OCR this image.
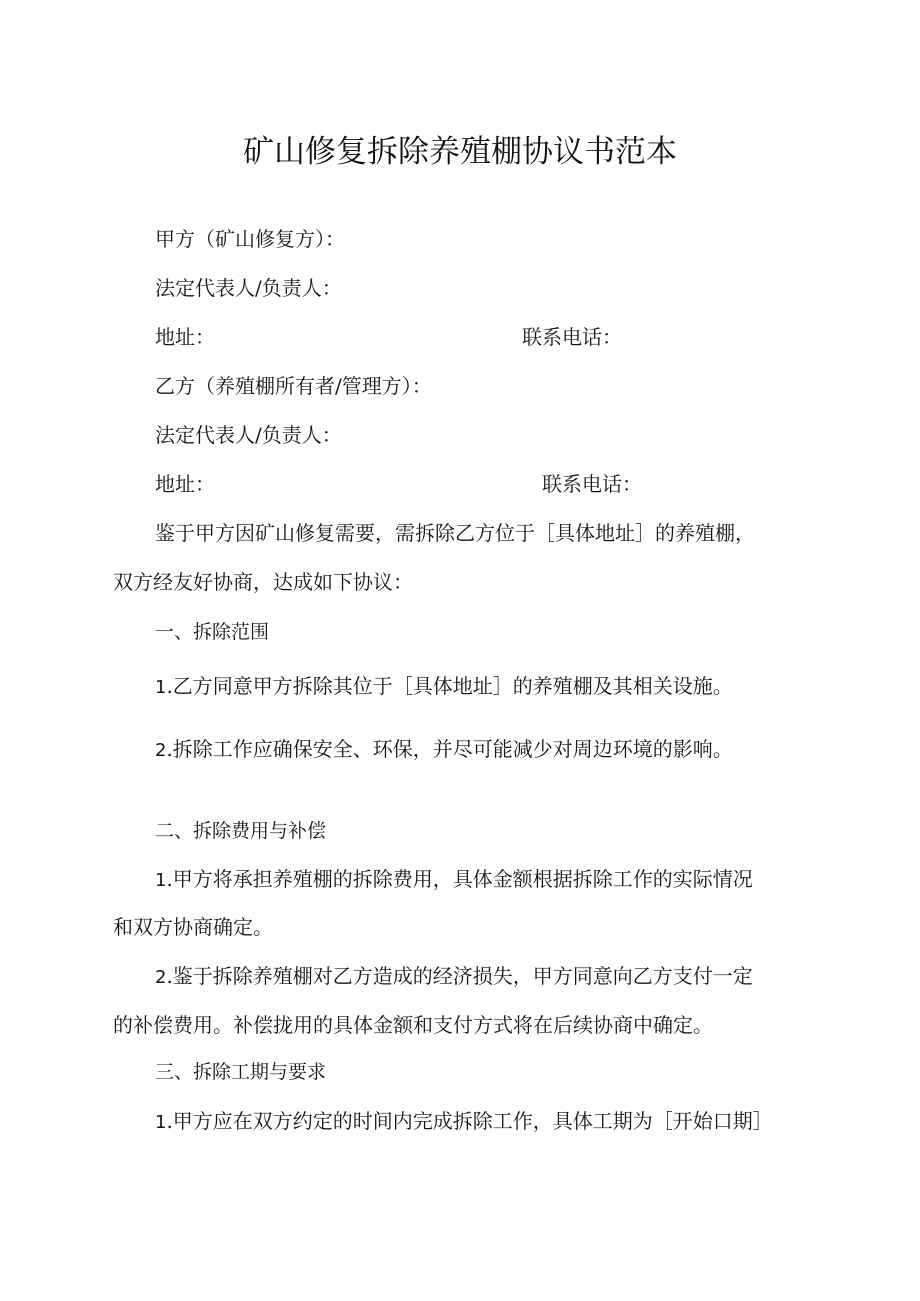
矿山修复拆除养殖棚协议书范本
甲方（矿山修复方）：
法定代表人/负责人：
地址：	联系电话：
乙方（养殖棚所有者/管理方）：
法定代表人/负责人：
地址：	联系电话：
鉴于甲方因矿山修复需要，需拆除乙方位于［具体地址］的养殖棚，
双方经友好协商，达成如下协议：
一、拆除范围
1.乙方同意甲方拆除其位于［具体地址］的养殖棚及其相关设施。
2.拆除工作应确保安全、环保，并尽可能减少对周边环境的影响。
二、拆除费用与补偿
1.甲方将承担养殖棚的拆除费用，具体金额根据拆除工作的实际情况
和双方协商确定。
2.鉴于拆除养殖棚对乙方造成的经济损失，甲方同意向乙方支付一定
的补偿费用。补偿拢用的具体金额和支付方式将在后续协商中确定。
三、拆除工期与要求
1.甲方应在双方约定的时间内完成拆除工作，具体工期为［开始口期］
